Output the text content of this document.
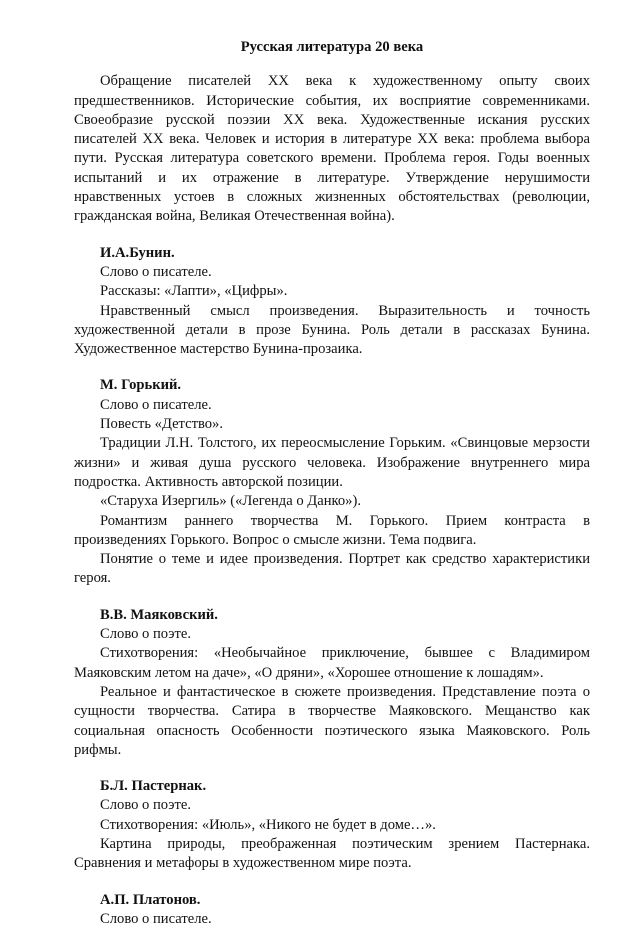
Русская литература 20 века

Обращение писателей XX века к художественному опыту своих предшественников. Исторические события, их восприятие современниками. Своеобразие русской поэзии XX века. Художественные искания русских писателей XX века. Человек и история в литературе XX века: проблема выбора пути. Русская литература советского времени. Проблема героя. Годы военных испытаний и их отражение в литературе. Утверждение нерушимости нравственных устоев в сложных жизненных обстоятельствах (революции, гражданская война, Великая Отечественная война).

И.А.Бунин.

Слово о писателе.

Рассказы: «Лапти», «Цифры».

Нравственный смысл произведения. Выразительность и точность художественной детали в прозе Бунина. Роль детали в рассказах Бунина. Художественное мастерство Бунина-прозаика.

М. Горький.

Слово о писателе.

Повесть «Детство».

Традиции Л.Н. Толстого, их переосмысление Горьким. «Свинцовые мерзости жизни» и живая душа русского человека. Изображение внутреннего мира подростка. Активность авторской позиции.

«Старуха Изергиль» («Легенда о Данко»).

Романтизм раннего творчества М. Горького. Прием контраста в произведениях Горького. Вопрос о смысле жизни. Тема подвига.

Понятие о теме и идее произведения. Портрет как средство характеристики героя.

В.В. Маяковский.

Слово о поэте.

Стихотворения: «Необычайное приключение, бывшее с Владимиром Маяковским летом на даче», «О дряни», «Хорошее отношение к лошадям».

Реальное и фантастическое в сюжете произведения. Представление поэта о сущности творчества. Сатира в творчестве Маяковского. Мещанство как социальная опасность Особенности поэтического языка Маяковского. Роль рифмы.

Б.Л. Пастернак.

Слово о поэте.

Стихотворения: «Июль», «Никого не будет в доме…».

Картина природы, преображенная поэтическим зрением Пастернака. Сравнения и метафоры в художественном мире поэта.

А.П. Платонов.

Слово о писателе.
